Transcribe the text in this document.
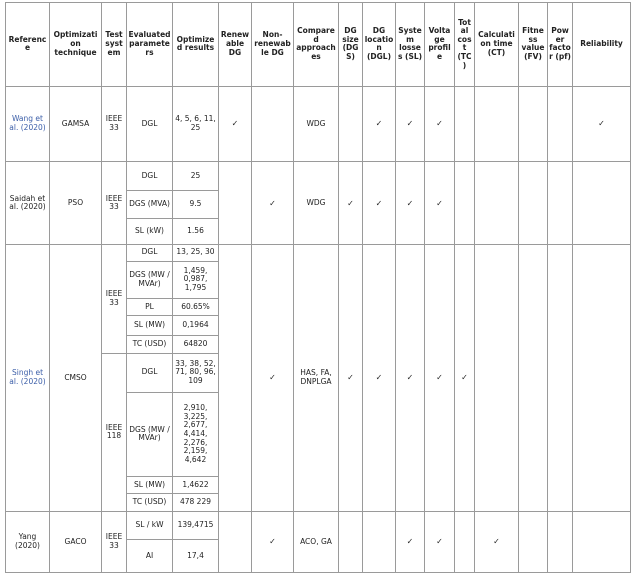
Reference	Optimization technique	Test system	Evaluated parameters	Optimized results	Renewable DG	Non-renewable DG	Compared approaches	DG size (DGS)	DG location (DGL)	System losses (SL)	Voltage profile	Total cost (TC)	Calculation time (CT)	Fitness value (FV)	Power factor (pf)	Reliability
Wang et al. (2020)	GAMSA	IEEE 33	DGL	4, 5, 6, 11, 25	✓		WDG		✓	✓	✓					✓
Saidah et al. (2020)	PSO	IEEE 33	DGL	25		✓	WDG	✓	✓	✓	✓					
			DGS (MVA)	9.5												
			SL (kW)	1.56												
Singh et al. (2020)	CMSO	IEEE 33	DGL	13, 25, 30		✓	HAS, FA, DNPLGA	✓	✓	✓	✓	✓				
			DGS (MW / MVAr)	1,459, 0,987, 1,795												
			PL	60.65%												
			SL (MW)	0,1964												
			TC (USD)	64820												
		IEEE 118	DGL	33, 38, 52, 71, 80, 96, 109												
			DGS (MW / MVAr)	2,910, 3,225, 2,677, 4,414, 2,276, 2,159, 4,642												
			SL (MW)	1,4622												
			TC (USD)	478 229												
Yang (2020)	GACO	IEEE 33	SL / kW	139,4715		✓	ACO, GA			✓	✓		✓			
			AI	17,4												
